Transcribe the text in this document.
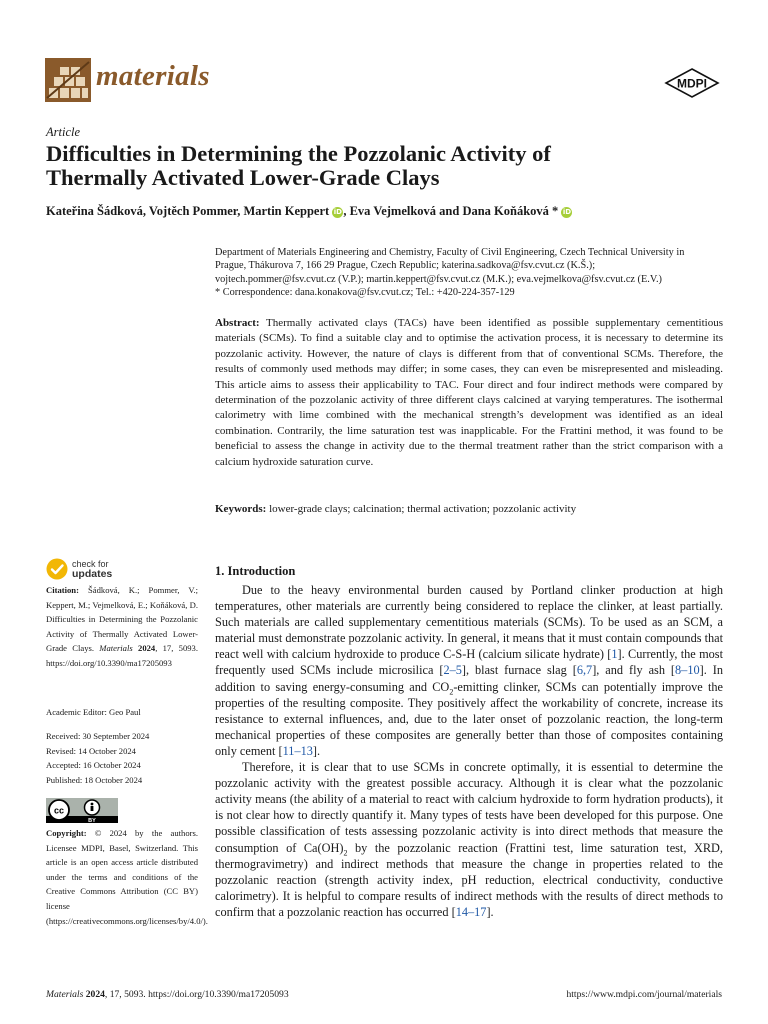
materials	MDPI
Article
Difficulties in Determining the Pozzolanic Activity of
Thermally Activated Lower-Grade Clays
Kateřina Šádková, Vojtěch Pommer, Martin Keppert iD, Eva Vejmelková and Dana Koňáková * iD

Department of Materials Engineering and Chemistry, Faculty of Civil Engineering, Czech Technical University in

Prague, Thákurova 7, 166 29 Prague, Czech Republic; katerina.sadkova@fsv.cvut.cz (K.Š.);

vojtech.pommer@fsv.cvut.cz (V.P.); martin.keppert@fsv.cvut.cz (M.K.); eva.vejmelkova@fsv.cvut.cz (E.V.)

* Correspondence: dana.konakova@fsv.cvut.cz; Tel.: +420-224-357-129

Abstract: Thermally activated clays (TACs) have been identified as possible supplementary cementitious materials (SCMs). To find a suitable clay and to optimise the activation process, it is necessary to determine its pozzolanic activity. However, the nature of clays is different from that of conventional SCMs. Therefore, the results of commonly used methods may differ; in some cases, they can even be misrepresented and misleading. This article aims to assess their applicability to TAC. Four direct and four indirect methods were compared by determination of the pozzolanic activity of three different clays calcined at varying temperatures. The isothermal calorimetry with lime combined with the mechanical strength’s development was identified as an ideal combination. Contrarily, the lime saturation test was inapplicable. For the Frattini method, it was found to be beneficial to assess the change in activity due to the thermal treatment rather than the strict comparison with a calcium hydroxide saturation curve.
Keywords: lower-grade clays; calcination; thermal activation; pozzolanic activity
check for
updates
Citation: Šádková, K.; Pommer, V.; Keppert, M.; Vejmelková, E.; Koňáková, D. Difficulties in Determining the Pozzolanic Activity of Thermally Activated Lower-Grade Clays. Materials 2024, 17, 5093. https://doi.org/10.3390/ma17205093
Academic Editor: Geo Paul

Received: 30 September 2024

Revised: 14 October 2024

Accepted: 16 October 2024

Published: 18 October 2024

cc
BY
Copyright: © 2024 by the authors. Licensee MDPI, Basel, Switzerland. This article is an open access article distributed under the terms and conditions of the Creative Commons Attribution (CC BY) license (https://creativecommons.org/licenses/by/4.0/).
1. Introduction

Due to the heavy environmental burden caused by Portland clinker production at high temperatures, other materials are currently being considered to replace the clinker, at least partially. Such materials are called supplementary cementitious materials (SCMs). To be used as an SCM, a material must demonstrate pozzolanic activity. In general, it means that it must contain compounds that react well with calcium hydroxide to produce C-S-H (calcium silicate hydrate) [1]. Currently, the most frequently used SCMs include microsilica [2–5], blast furnace slag [6,7], and fly ash [8–10]. In addition to saving energy-consuming and $CO_2$-emitting clinker, SCMs can potentially improve the properties of the resulting composite. They positively affect the workability of concrete, increase its resistance to external influences, and, due to the later onset of pozzolanic reaction, the long-term mechanical properties of these composites are generally better than those of composites containing only cement [11–13].

Therefore, it is clear that to use SCMs in concrete optimally, it is essential to determine the pozzolanic activity with the greatest possible accuracy. Although it is clear what the pozzolanic activity means (the ability of a material to react with calcium hydroxide to form hydration products), it is not clear how to directly quantify it. Many types of tests have been developed for this purpose. One possible classification of tests assessing pozzolanic activity is into direct methods that measure the consumption of $Ca(OH)_2$ by the pozzolanic reaction (Frattini test, lime saturation test, XRD, thermogravimetry) and indirect methods that measure the change in properties related to the pozzolanic reaction (strength activity index, pH reduction, electrical conductivity, conductive calorimetry). It is helpful to compare results of indirect methods with the results of direct methods to confirm that a pozzolanic reaction has occurred [14–17].

Materials 2024, 17, 5093. https://doi.org/10.3390/ma17205093	https://www.mdpi.com/journal/materials
